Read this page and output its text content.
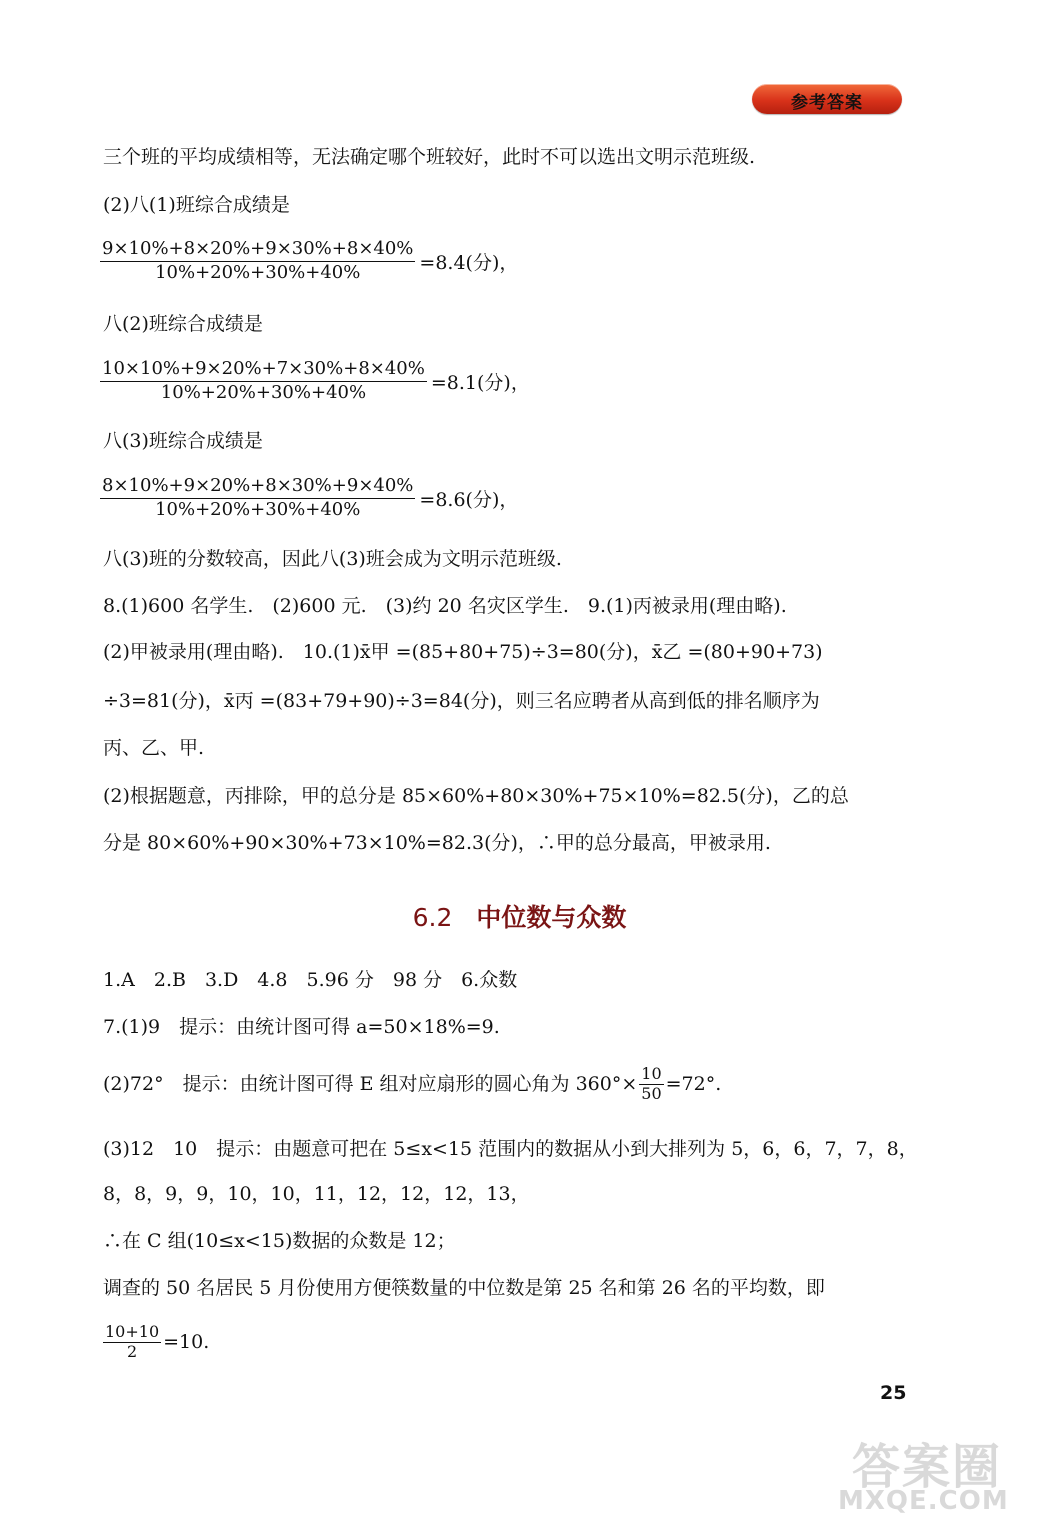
参考答案
三个班的平均成绩相等，无法确定哪个班较好，此时不可以选出文明示范班级.
(2)八(1)班综合成绩是
$\frac{9\times 10\%+8\times 20\%+9\times 30\%+8\times 40\%}{10\%+20\%+30\%+40\%} =8.4$(分)，
八(2)班综合成绩是
$\frac{10\times 10\%+9\times 20\%+7\times 30\%+8\times 40\%}{10\%+20\%+30\%+40\%} =8.1$(分)，
八(3)班综合成绩是
$\frac{8\times 10\%+9\times 20\%+8\times 30\%+9\times 40\%}{10\%+20\%+30\%+40\%} =8.6$(分)，
八(3)班的分数较高，因此八(3)班会成为文明示范班级.
8.(1)600 名学生.　(2)600 元.　(3)约 20 名灾区学生.　9.(1)丙被录用(理由略).
(2)甲被录用(理由略).　10.(1)x̄甲 =(85+80+75)÷3=80(分)，x̄乙 =(80+90+73)
÷3=81(分)，x̄丙 =(83+79+90)÷3=84(分)，则三名应聘者从高到低的排名顺序为
丙、乙、甲.
(2)根据题意，丙排除，甲的总分是 85×60%+80×30%+75×10%=82.5(分)，乙的总
分是 80×60%+90×30%+73×10%=82.3(分)，∴甲的总分最高，甲被录用.
6.2 中位数与众数
1.A　2.B　3.D　4.8　5.96 分　98 分　6.众数
7.(1)9　提示：由统计图可得 a=50×18%=9.
(2)72°　提示：由统计图可得 E 组对应扇形的圆心角为 $360^\circ\times \frac{10}{50} =72^\circ$.
(3)12　10　提示：由题意可把在 5≤x<15 范围内的数据从小到大排列为 5，6，6，7，7，8，
8，8，9，9，10，10，11，12，12，12，13，
∴在 C 组(10≤x<15)数据的众数是 12；
调查的 50 名居民 5 月份使用方便筷数量的中位数是第 25 名和第 26 名的平均数，即
$\frac{10+10}{2} =10$.
25
答案圈
MXQE.COM
